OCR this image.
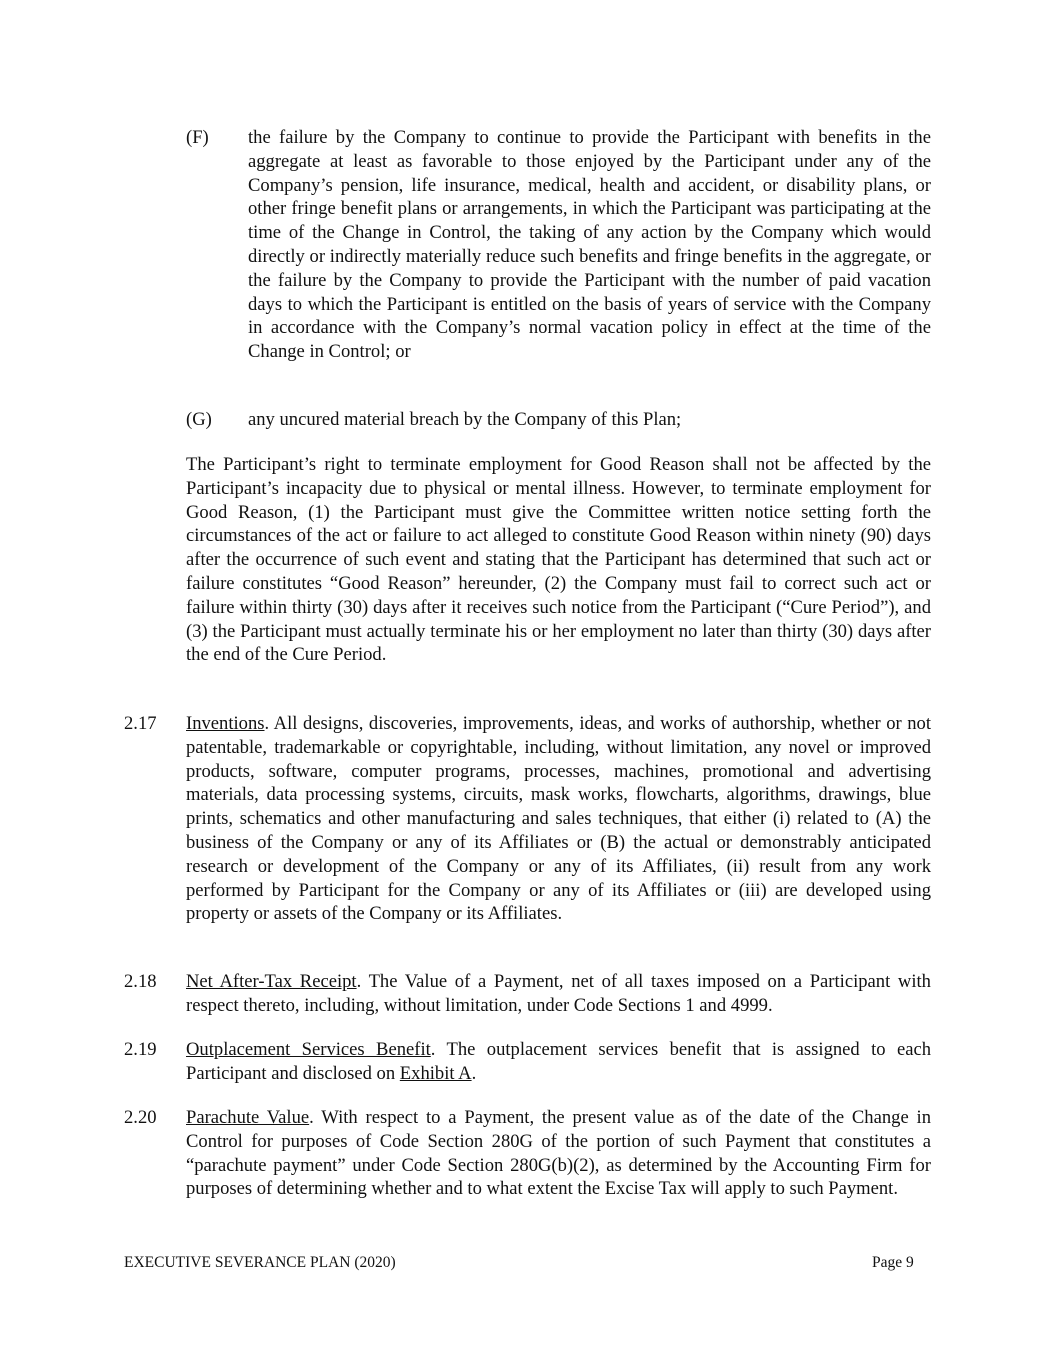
(F) the failure by the Company to continue to provide the Participant with benefits in the aggregate at least as favorable to those enjoyed by the Participant under any of the Company’s pension, life insurance, medical, health and accident, or disability plans, or other fringe benefit plans or arrangements, in which the Participant was participating at the time of the Change in Control, the taking of any action by the Company which would directly or indirectly materially reduce such benefits and fringe benefits in the aggregate, or the failure by the Company to provide the Participant with the number of paid vacation days to which the Participant is entitled on the basis of years of service with the Company in accordance with the Company’s normal vacation policy in effect at the time of the Change in Control; or
(G) any uncured material breach by the Company of this Plan;
The Participant’s right to terminate employment for Good Reason shall not be affected by the Participant’s incapacity due to physical or mental illness. However, to terminate employment for Good Reason, (1) the Participant must give the Committee written notice setting forth the circumstances of the act or failure to act alleged to constitute Good Reason within ninety (90) days after the occurrence of such event and stating that the Participant has determined that such act or failure constitutes “Good Reason” hereunder, (2) the Company must fail to correct such act or failure within thirty (30) days after it receives such notice from the Participant (“Cure Period”), and (3) the Participant must actually terminate his or her employment no later than thirty (30) days after the end of the Cure Period.
2.17 Inventions. All designs, discoveries, improvements, ideas, and works of authorship, whether or not patentable, trademarkable or copyrightable, including, without limitation, any novel or improved products, software, computer programs, processes, machines, promotional and advertising materials, data processing systems, circuits, mask works, flowcharts, algorithms, drawings, blue prints, schematics and other manufacturing and sales techniques, that either (i) related to (A) the business of the Company or any of its Affiliates or (B) the actual or demonstrably anticipated research or development of the Company or any of its Affiliates, (ii) result from any work performed by Participant for the Company or any of its Affiliates or (iii) are developed using property or assets of the Company or its Affiliates.
2.18 Net After-Tax Receipt. The Value of a Payment, net of all taxes imposed on a Participant with respect thereto, including, without limitation, under Code Sections 1 and 4999.
2.19 Outplacement Services Benefit. The outplacement services benefit that is assigned to each Participant and disclosed on Exhibit A.
2.20 Parachute Value. With respect to a Payment, the present value as of the date of the Change in Control for purposes of Code Section 280G of the portion of such Payment that constitutes a “parachute payment” under Code Section 280G(b)(2), as determined by the Accounting Firm for purposes of determining whether and to what extent the Excise Tax will apply to such Payment.
EXECUTIVE SEVERANCE PLAN (2020)	Page 9
